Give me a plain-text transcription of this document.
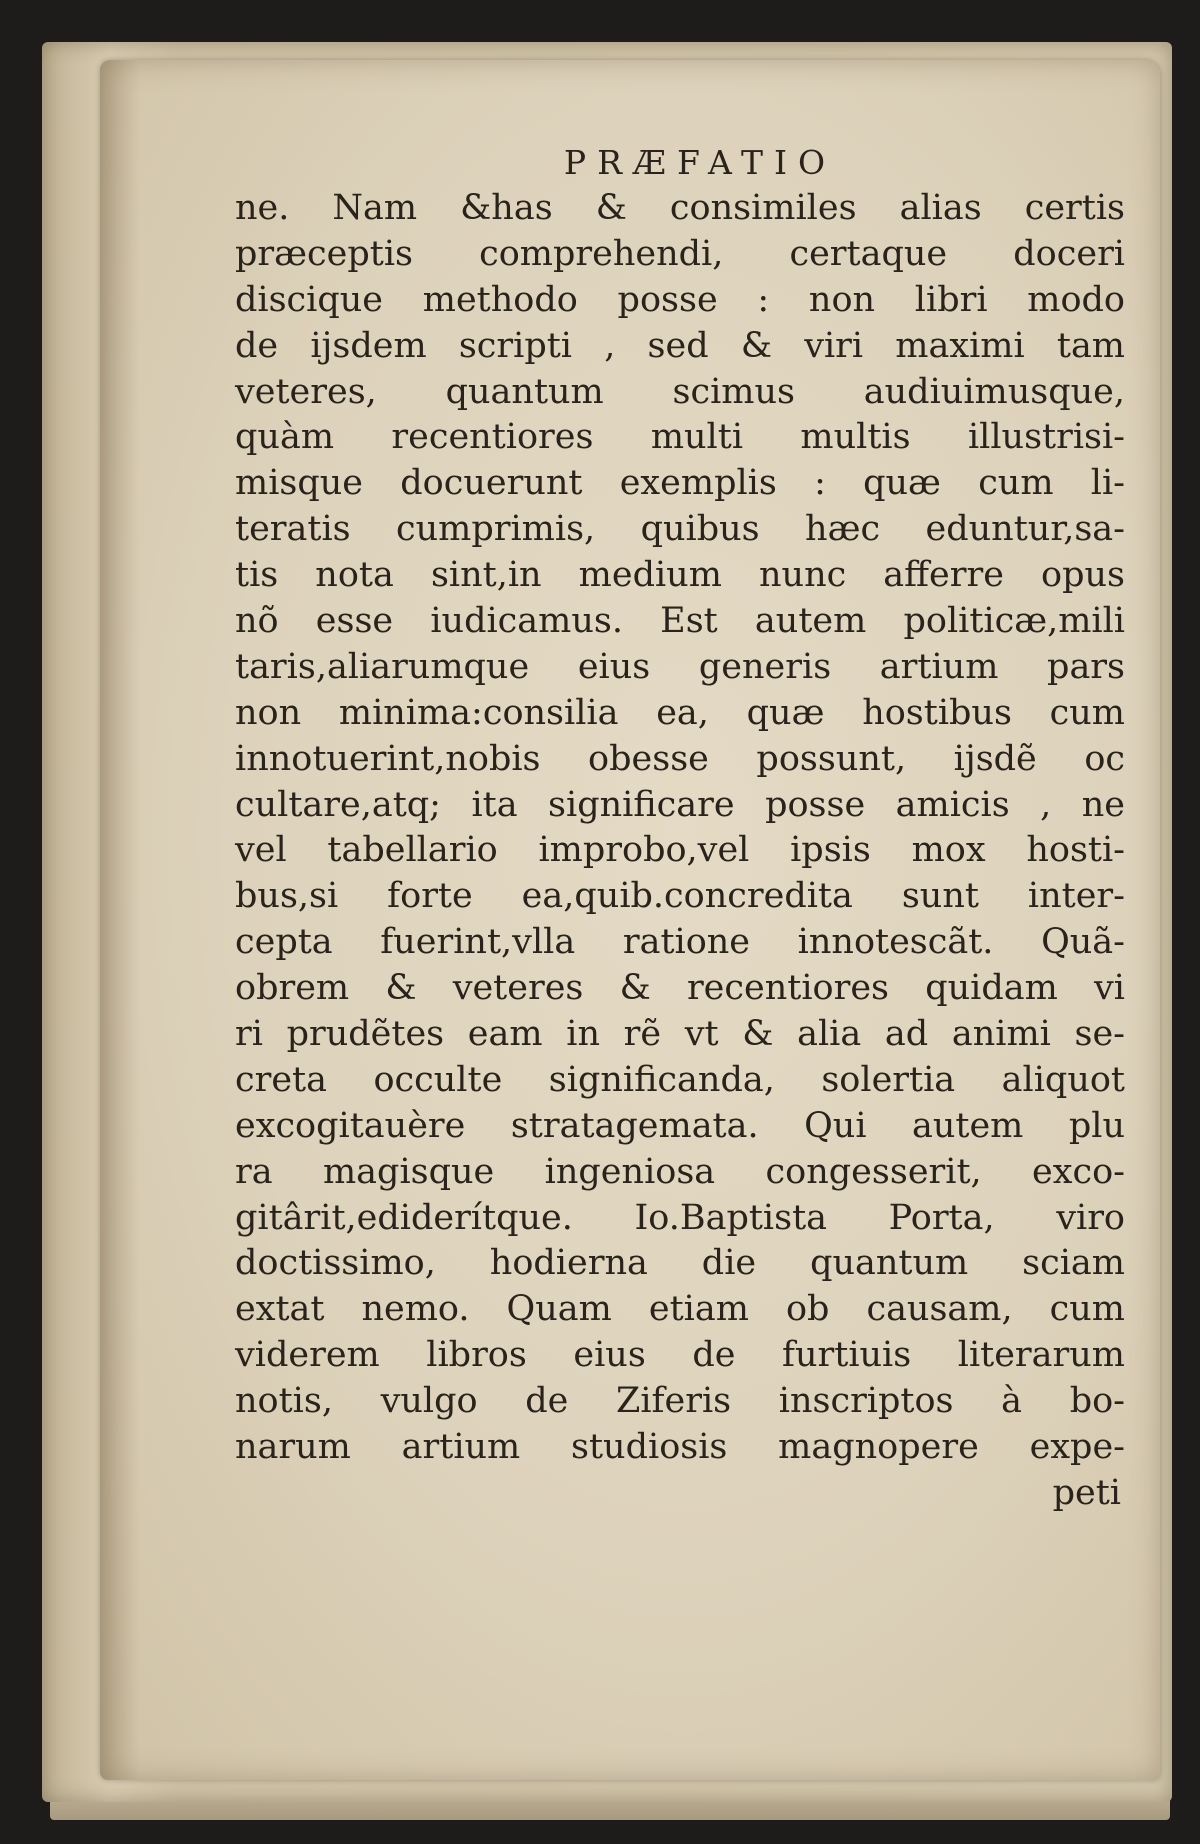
PRÆFATIO
ne. Nam &has & consimiles alias certis
præceptis comprehendi, certaque doceri
discique methodo posse : non libri modo
de ijsdem scripti , sed & viri maximi tam
veteres, quantum scimus audiuimusque,
quàm recentiores multi multis illustrisi-
misque docuerunt exemplis : quæ cum li-
teratis cumprimis, quibus hæc eduntur,sa-
tis nota sint,in medium nunc afferre opus
nõ esse iudicamus. Est autem politicæ,mili
taris,aliarumque eius generis artium pars
non minima:consilia ea, quæ hostibus cum
innotuerint,nobis obesse possunt, ijsdẽ oc
cultare,atq; ita significare posse amicis , ne
vel tabellario improbo,vel ipsis mox hosti-
bus,si forte ea,quib.concredita sunt inter-
cepta fuerint,vlla ratione innotescãt. Quã-
obrem & veteres & recentiores quidam vi
ri prudẽtes eam in rẽ vt & alia ad animi se-
creta occulte significanda, solertia aliquot
excogitauère stratagemata. Qui autem plu
ra magisque ingeniosa congesserit, exco-
gitârit,ediderítque. Io.Baptista Porta, viro
doctissimo, hodierna die quantum sciam
extat nemo. Quam etiam ob causam, cum
viderem libros eius de furtiuis literarum
notis, vulgo de Ziferis inscriptos à bo-
narum artium studiosis magnopere expe-
peti
